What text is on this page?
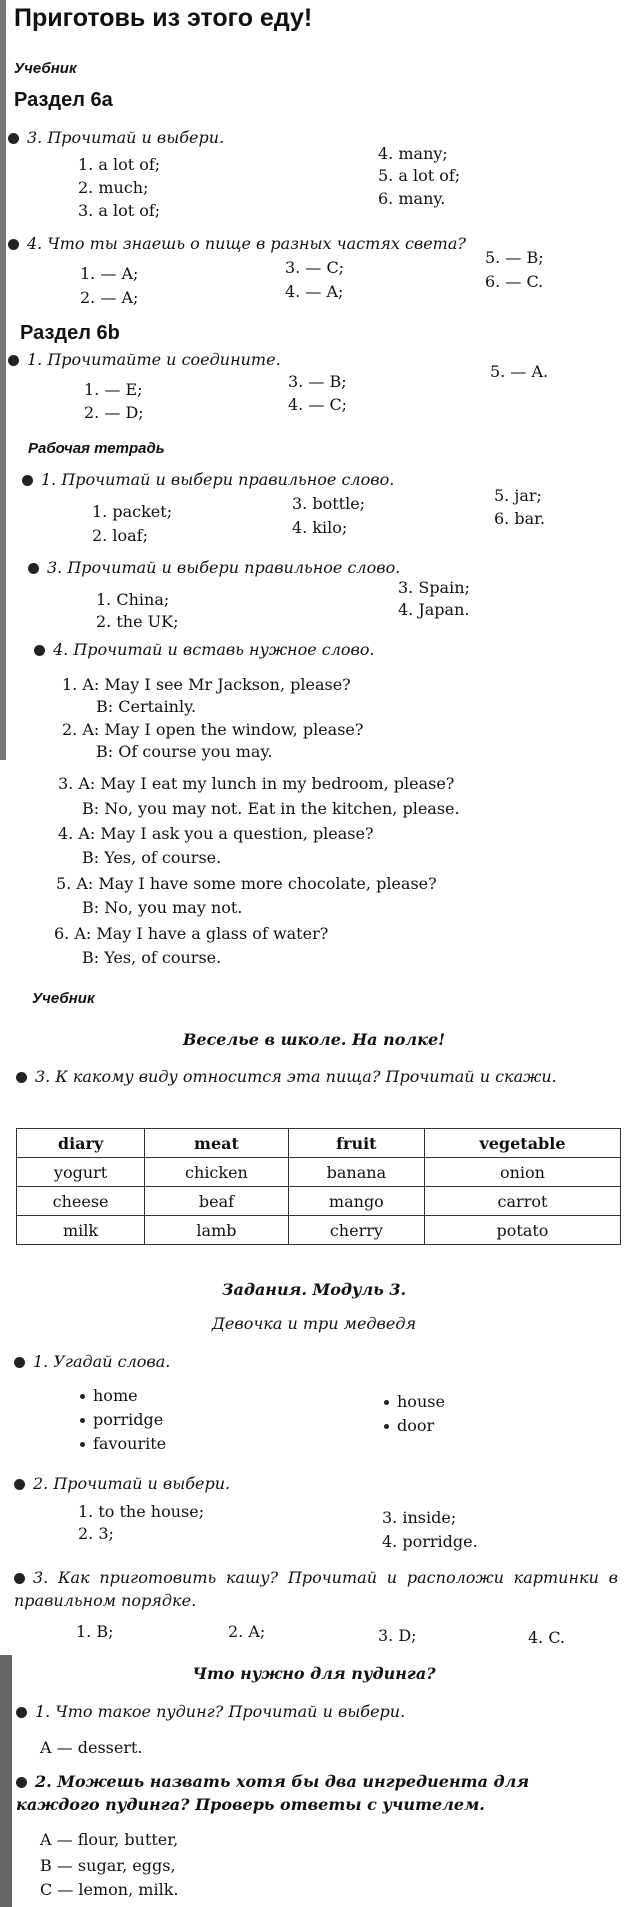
Приготовь из этого еду!
Учебник
Раздел 6а
3. Прочитай и выбери.
1. a lot of;
2. much;
3. a lot of;
4. many;
5. a lot of;
6. many.
4. Что ты знаешь о пище в разных частях света?
1. — A;
2. — A;
3. — C;
4. — A;
5. — B;
6. — C.
Раздел 6b
1. Прочитайте и соедините.
1. — E;
2. — D;
3. — B;
4. — C;
5. — A.
Рабочая тетрадь
1. Прочитай и выбери правильное слово.
1. packet;
2. loaf;
3. bottle;
4. kilo;
5. jar;
6. bar.
3. Прочитай и выбери правильное слово.
1. China;
2. the UK;
3. Spain;
4. Japan.
4. Прочитай и вставь нужное слово.
1. A: May I see Mr Jackson, please?
B: Certainly.
2. A: May I open the window, please?
B: Of course you may.
3. A: May I eat my lunch in my bedroom, please?
B: No, you may not. Eat in the kitchen, please.
4. A: May I ask you a question, please?
B: Yes, of course.
5. A: May I have some more chocolate, please?
B: No, you may not.
6. A: May I have a glass of water?
B: Yes, of course.
Учебник
Веселье в школе. На полке!
3. К какому виду относится эта пища? Прочитай и скажи.
diary	meat	fruit	vegetable
yogurt	chicken	banana	onion
cheese	beaf	mango	carrot
milk	lamb	cherry	potato
Задания. Модуль 3.
Девочка и три медведя
1. Угадай слова.
home
porridge
favourite
house
door
2. Прочитай и выбери.
1. to the house;
2. 3;
3. inside;
4. porridge.
3. Как приготовить кашу? Прочитай и расположи картинки в правильном порядке.
1. B;	2. A;	3. D;	4. C.
Что нужно для пудинга?
1. Что такое пудинг? Прочитай и выбери.
A — dessert.
2. Можешь назвать хотя бы два ингредиента для каждого пудинга? Проверь ответы с учителем.
A — flour, butter,
B — sugar, eggs,
C — lemon, milk.
